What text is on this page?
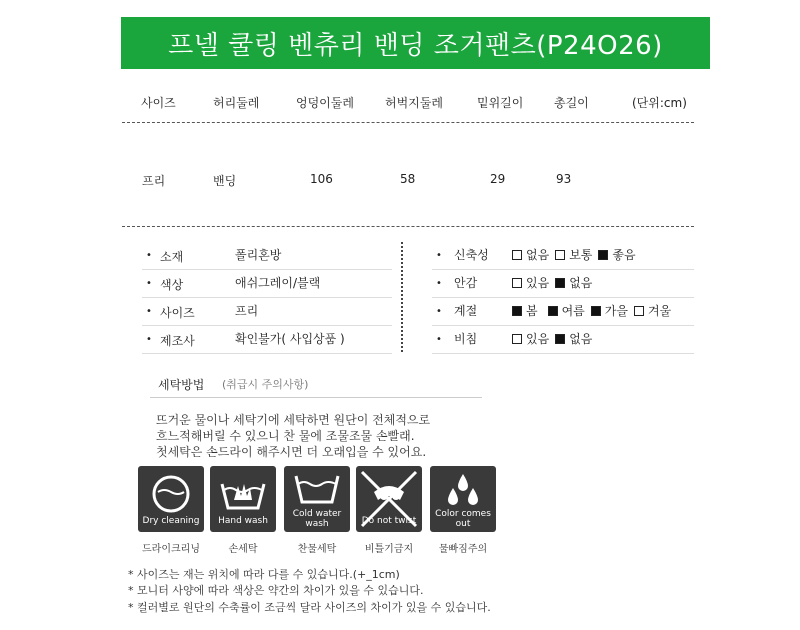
프넬 쿨링 벤츄리 밴딩 조거팬츠(P24O26)
사이즈	허리둘레	엉덩이둘레	허벅지둘레	밑위길이	총길이	(단위:cm)
프리	밴딩	106	58	29	93
• 소재	폴리혼방
• 색상	애쉬그레이/블랙
• 사이즈	프리
• 제조사	확인불가( 사입상품 )
• 신축성	없음 보통 좋음
• 안감	있음 없음
• 계절	봄 여름 가을 겨울
• 비침	있음 없음
세탁방법 (취급시 주의사항)
뜨거운 물이나 세탁기에 세탁하면 원단이 전체적으로
흐느적해버릴 수 있으니 찬 물에 조물조물 손빨래.
첫세탁은 손드라이 해주시면 더 오래입을 수 있어요.
Dry cleaning	Hand wash
Cold water wash	Do not twist
Color comes out
드라이크리닝	손세탁	찬물세탁	비틀기금지	물빠짐주의
* 사이즈는 재는 위치에 따라 다를 수 있습니다.(+_1cm)
* 모니터 사양에 따라 색상은 약간의 차이가 있을 수 있습니다.
* 컬러별로 원단의 수축률이 조금씩 달라 사이즈의 차이가 있을 수 있습니다.
